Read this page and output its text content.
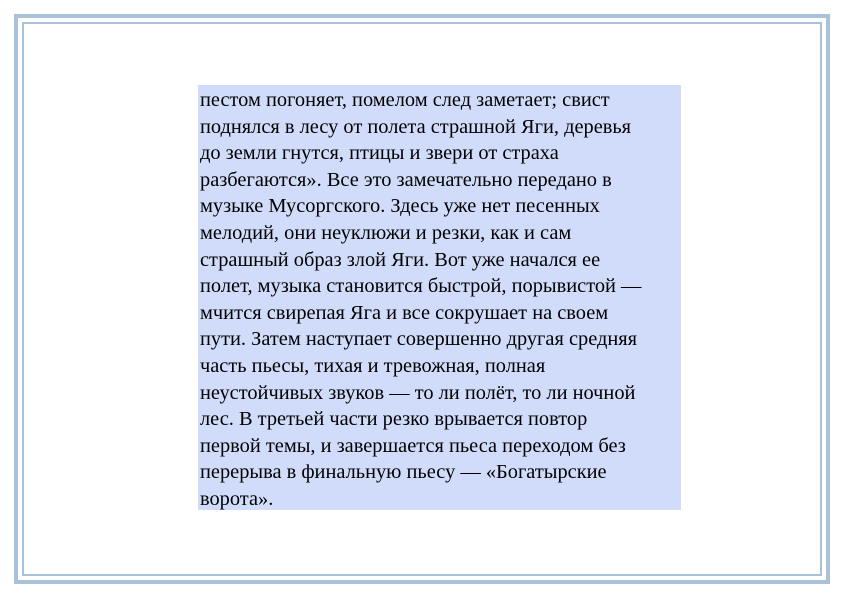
пестом погоняет, помелом след заметает; свист
поднялся в лесу от полета страшной Яги, деревья
до земли гнутся, птицы и звери от страха
разбегаются». Все это замечательно передано в
музыке Мусоргского. Здесь уже нет песенных
мелодий, они неуклюжи и резки, как и сам
страшный образ злой Яги. Вот уже начался ее
полет, музыка становится быстрой, порывистой —
мчится свирепая Яга и все сокрушает на своем
пути. Затем наступает совершенно другая средняя
часть пьесы, тихая и тревожная, полная
неустойчивых звуков — то ли полёт, то ли ночной
лес. В третьей части резко врывается повтор
первой темы, и завершается пьеса переходом без
перерыва в финальную пьесу — «Богатырские
ворота».
